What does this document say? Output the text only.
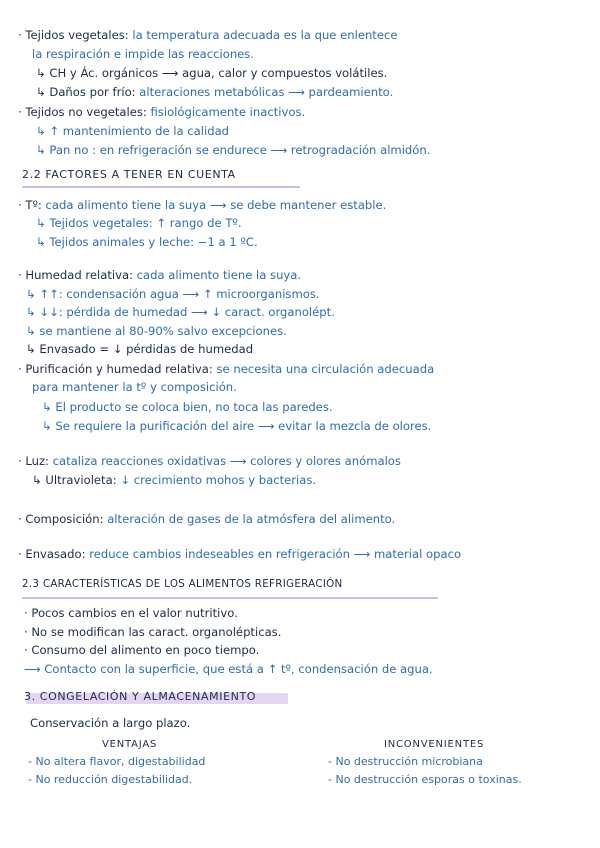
· Tejidos vegetales: la temperatura adecuada es la que enlentece
la respiración e impide las reacciones.
↳ CH y Ác. orgánicos ⟶ agua, calor y compuestos volátiles.
↳ Daños por frío: alteraciones metabólicas ⟶ pardeamiento.
· Tejidos no vegetales: fisiológicamente inactivos.
↳ ↑ mantenimiento de la calidad
↳ Pan no : en refrigeración se endurece ⟶ retrogradación almidón.
2.2 FACTORES A TENER EN CUENTA
· Tº: cada alimento tiene la suya ⟶ se debe mantener estable.
↳ Tejidos vegetales: ↑ rango de Tº.
↳ Tejidos animales y leche: −1 a 1 ºC.
· Humedad relativa: cada alimento tiene la suya.
↳ ↑↑: condensación agua ⟶ ↑ microorganismos.
↳ ↓↓: pérdida de humedad ⟶ ↓ caract. organolépt.
↳ se mantiene al 80-90% salvo excepciones.
↳ Envasado = ↓ pérdidas de humedad
· Purificación y humedad relativa: se necesita una circulación adecuada
para mantener la tº y composición.
↳ El producto se coloca bien, no toca las paredes.
↳ Se requiere la purificación del aire ⟶ evitar la mezcla de olores.
· Luz: cataliza reacciones oxidativas ⟶ colores y olores anómalos
↳ Ultravioleta: ↓ crecimiento mohos y bacterias.
· Composición: alteración de gases de la atmósfera del alimento.
· Envasado: reduce cambios indeseables en refrigeración ⟶ material opaco
2.3 CARACTERÍSTICAS DE LOS ALIMENTOS REFRIGERACIÓN
· Pocos cambios en el valor nutritivo.
· No se modifican las caract. organolépticas.
· Consumo del alimento en poco tiempo.
⟶ Contacto con la superficie, que está a ↑ tº, condensación de agua.
3. CONGELACIÓN Y ALMACENAMIENTO
Conservación a largo plazo.
VENTAJAS	INCONVENIENTES
- No altera flavor, digestabilidad
- No reducción digestabilidad.
- No destrucción microbiana
- No destrucción esporas o toxinas.
